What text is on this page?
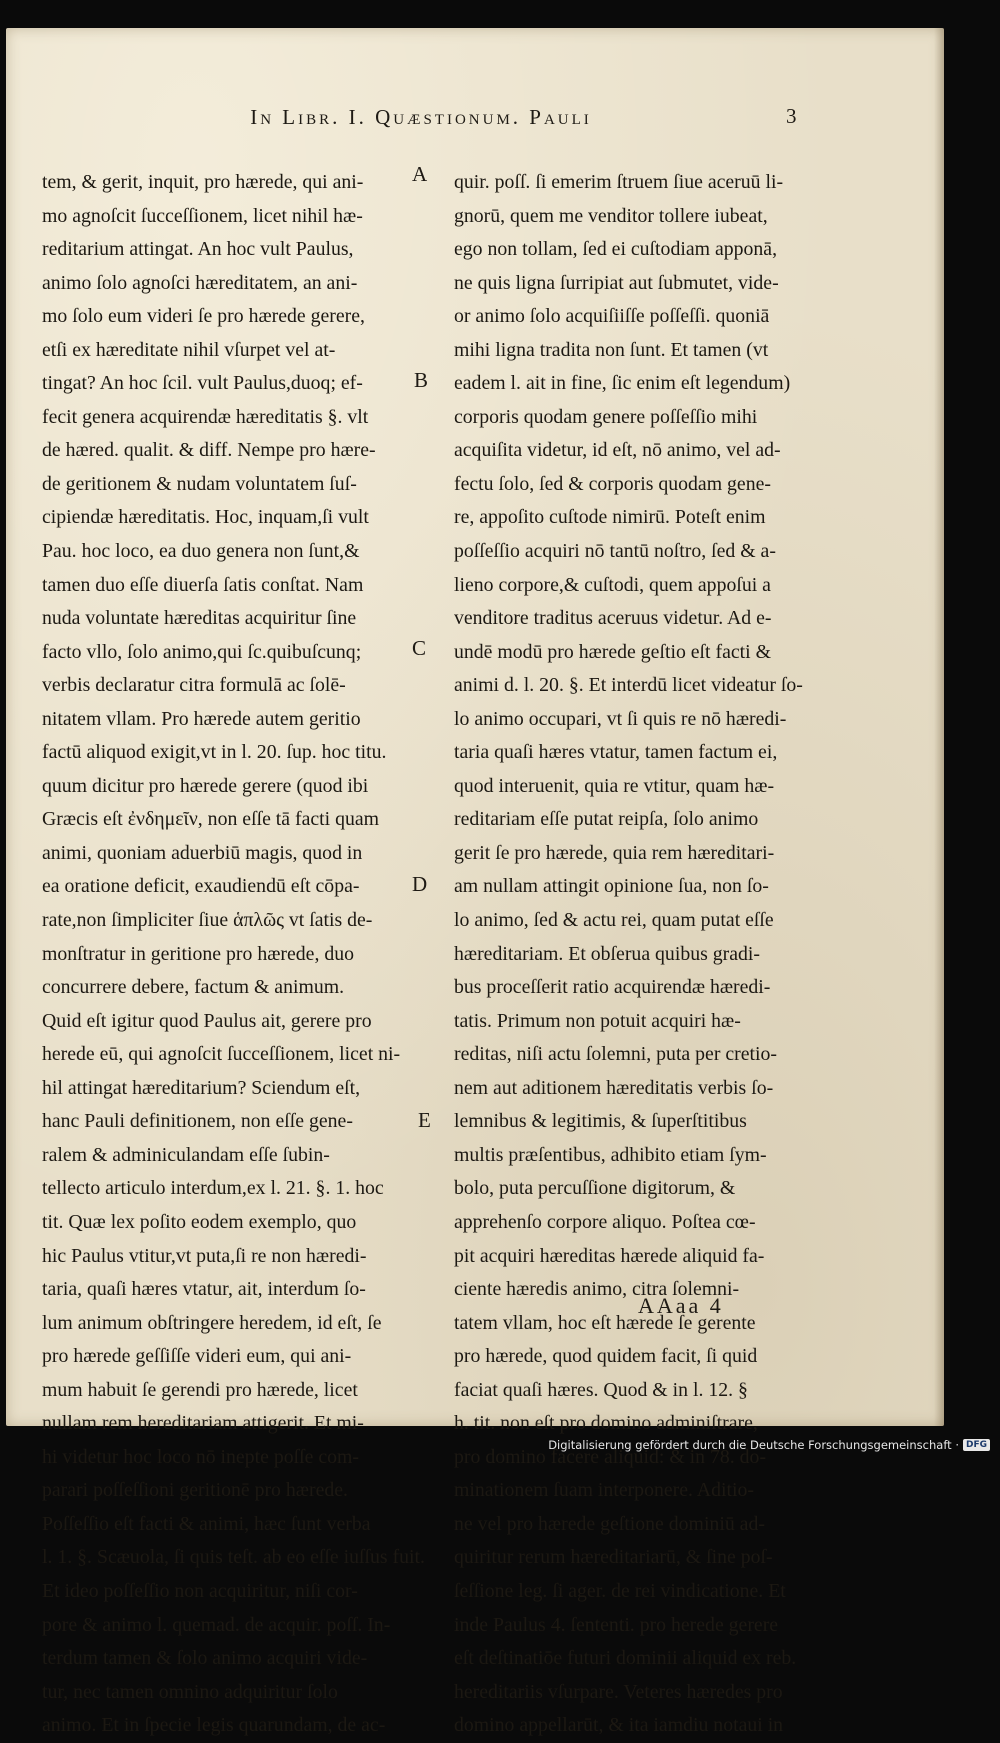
In Libr. I. Quæstionum. Pauli	3
tem, & gerit, inquit, pro hærede, qui ani-
mo agnoſcit ſucceſſionem, licet nihil hæ-
reditarium attingat. An hoc vult Paulus,
animo ſolo agnoſci hæreditatem, an ani-
mo ſolo eum videri ſe pro hærede gerere,
etſi ex hæreditate nihil vſurpet vel at-
tingat? An hoc ſcil. vult Paulus,duoq; ef-
fecit genera acquirendæ hæreditatis §. vlt
de hæred. qualit. & diff. Nempe pro hære-
de geritionem & nudam voluntatem ſuſ-
cipiendæ hæreditatis. Hoc, inquam,ſi vult
Pau. hoc loco, ea duo genera non ſunt,&
tamen duo eſſe diuerſa ſatis conſtat. Nam
nuda voluntate hæreditas acquiritur ſine
facto vllo, ſolo animo,qui ſc.quibuſcunq;
verbis declaratur citra formulā ac ſolē-
nitatem vllam. Pro hærede autem geritio
factū aliquod exigit,vt in l. 20. ſup. hoc titu.
quum dicitur pro hærede gerere (quod ibi
Græcis eſt ἐνδημεῖν, non eſſe tā facti quam
animi, quoniam aduerbiū magis, quod in
ea oratione deficit, exaudiendū eſt cōpa-
rate,non ſimpliciter ſiue ἁπλῶς vt ſatis de-
monſtratur in geritione pro hærede, duo
concurrere debere, factum & animum.
Quid eſt igitur quod Paulus ait, gerere pro
herede eū, qui agnoſcit ſucceſſionem, licet ni-
hil attingat hæreditarium? Sciendum eſt,
hanc Pauli definitionem, non eſſe gene-
ralem & adminiculandam eſſe ſubin-
tellecto articulo interdum,ex l. 21. §. 1. hoc
tit. Quæ lex poſito eodem exemplo, quo
hic Paulus vtitur,vt puta,ſi re non hæredi-
taria, quaſi hæres vtatur, ait, interdum ſo-
lum animum obſtringere heredem, id eſt, ſe
pro hærede geſſiſſe videri eum, qui ani-
mum habuit ſe gerendi pro hærede, licet
nullam rem hereditariam attigerit. Et mi-
hi videtur hoc loco nō inepte poſſe com-
parari poſſeſſioni geritionē pro hærede.
Poſſeſſio eſt facti & animi, hæc ſunt verba
l. 1. §. Scæuola, ſi quis teſt. ab eo eſſe iuſſus fuit.
Et ideo poſſeſſio non acquiritur, niſi cor-
pore & animo l. quemad. de acquir. poſſ. In-
terdum tamen & ſolo animo acquiri vide-
tur, nec tamen omnino adquiritur ſolo
animo. Et in ſpecie legis quarundam, de ac-
quir. poſſ. ſi emerim ſtruem ſiue aceruū li-
gnorū, quem me venditor tollere iubeat,
ego non tollam, ſed ei cuſtodiam apponā,
ne quis ligna ſurripiat aut ſubmutet, vide-
or animo ſolo acquiſiiſſe poſſeſſi. quoniā
mihi ligna tradita non ſunt. Et tamen (vt
eadem l. ait in fine, ſic enim eſt legendum)
corporis quodam genere poſſeſſio mihi
acquiſita videtur, id eſt, nō animo, vel ad-
fectu ſolo, ſed & corporis quodam gene-
re, appoſito cuſtode nimirū. Poteſt enim
poſſeſſio acquiri nō tantū noſtro, ſed & a-
lieno corpore,& cuſtodi, quem appoſui a
venditore traditus aceruus videtur. Ad e-
undē modū pro hærede geſtio eſt facti &
animi d. l. 20. §. Et interdū licet videatur ſo-
lo animo occupari, vt ſi quis re nō hæredi-
taria quaſi hæres vtatur, tamen factum ei,
quod interuenit, quia re vtitur, quam hæ-
reditariam eſſe putat reipſa, ſolo animo
gerit ſe pro hærede, quia rem hæreditari-
am nullam attingit opinione ſua, non ſo-
lo animo, ſed & actu rei, quam putat eſſe
hæreditariam. Et obſerua quibus gradi-
bus proceſſerit ratio acquirendæ hæredi-
tatis. Primum non potuit acquiri hæ-
reditas, niſi actu ſolemni, puta per cretio-
nem aut aditionem hæreditatis verbis ſo-
lemnibus & legitimis, & ſuperſtitibus
multis præſentibus, adhibito etiam ſym-
bolo, puta percuſſione digitorum, &
apprehenſo corpore aliquo. Poſtea cœ-
pit acquiri hæreditas hærede aliquid fa-
ciente hæredis animo, citra ſolemni-
tatem vllam, hoc eſt hærede ſe gerente
pro hærede, quod quidem facit, ſi quid
faciat quaſi hæres. Quod & in l. 12. §
h. tit. non eſt pro domino adminiſtrare,
pro domino facere aliquid: & in 78. do-
minationem ſuam interponere. Aditio-
ne vel pro hærede geſtione dominiū ad-
quiritur rerum hæreditariarū, & ſine poſ-
ſeſſione leg. ſi ager. de rei vindicatione. Et
inde Paulus 4. ſententi. pro herede gerere
eſt deſtinatiōe futuri dominii aliquid ex reb.
hereditariis vſurpare. Veteres hæredes pro
domino appellarūt, & ita iamdiu notaui in
A
B
C
D
E
AAaa 4
Digitalisierung gefördert durch die Deutsche Forschungsgemeinschaft · DFG
